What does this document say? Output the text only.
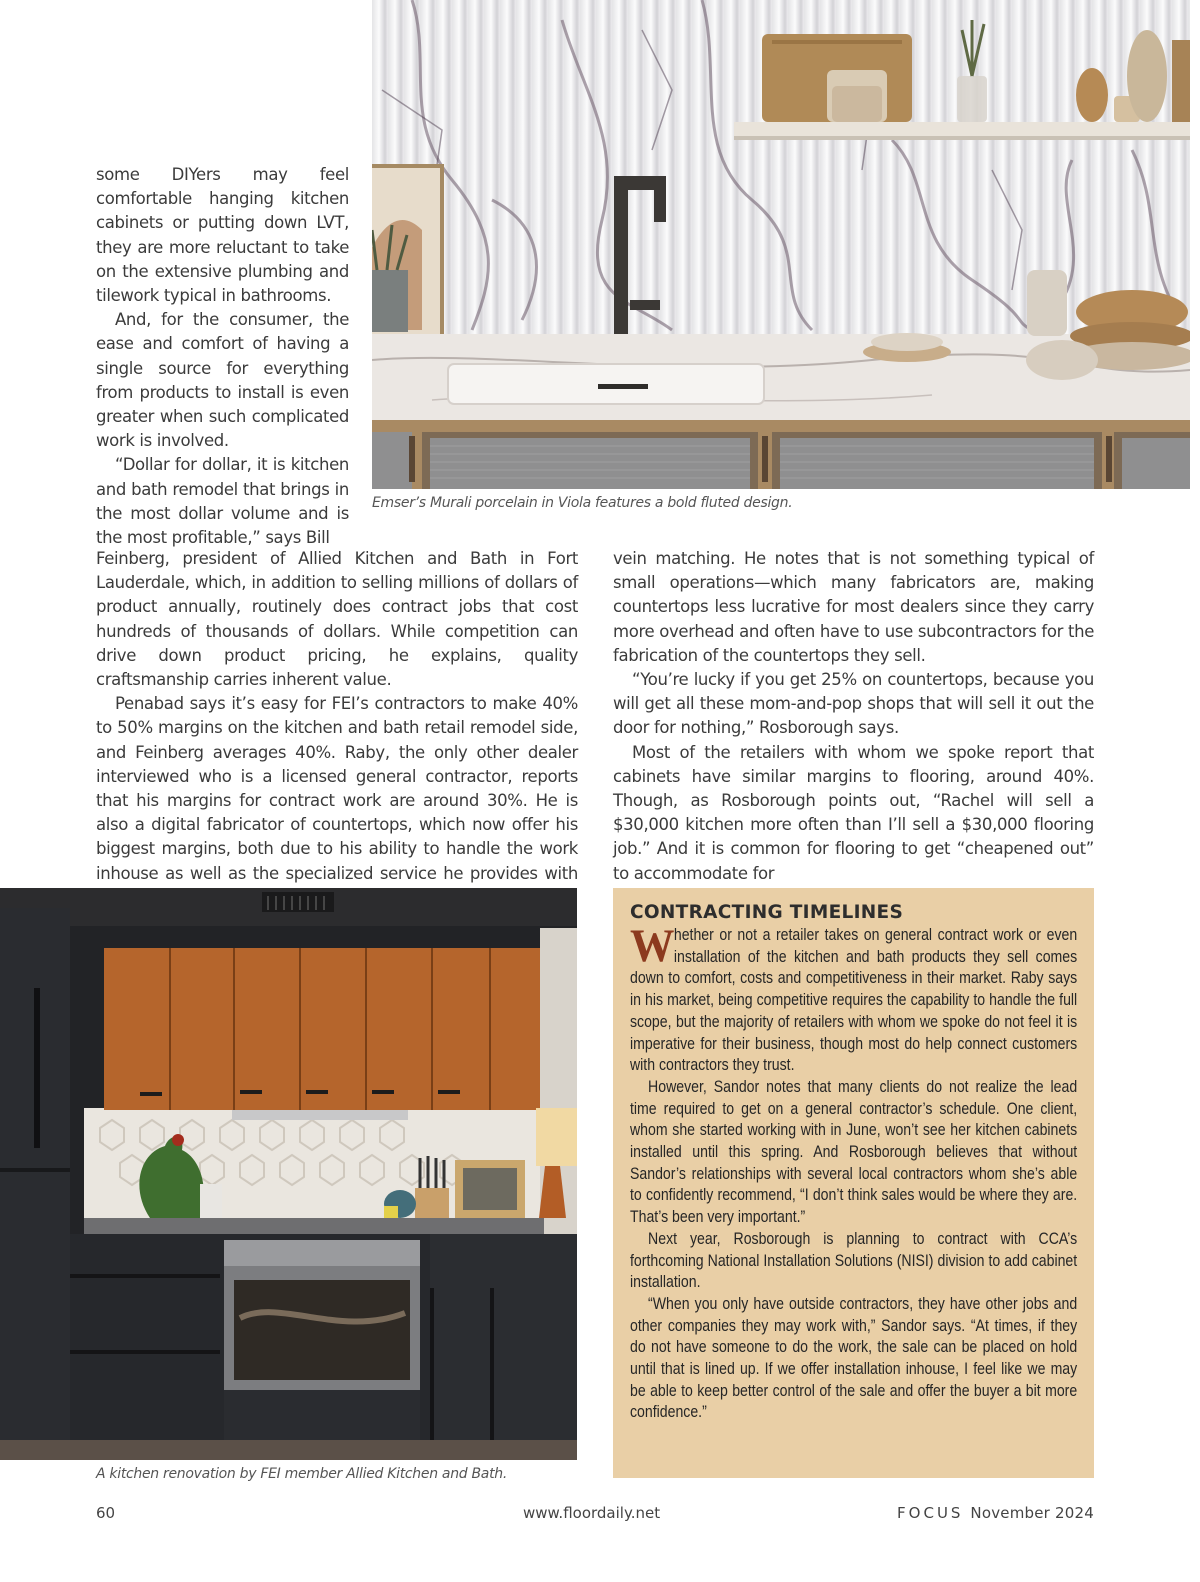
some DIYers may feel comfortable hanging kitchen cabinets or putting down LVT, they are more reluctant to take on the extensive plumbing and tilework typical in bathrooms.

And, for the consumer, the ease and comfort of having a single source for everything from products to install is even greater when such complicated work is involved.

“Dollar for dollar, it is kitchen and bath remodel that brings in the most dollar volume and is the most profitable,” says Bill

Emser’s Murali porcelain in Viola features a bold fluted design.

Feinberg, president of Allied Kitchen and Bath in Fort Lauderdale, which, in addition to selling millions of dollars of product annually, routinely does contract jobs that cost hundreds of thousands of dollars. While competition can drive down product pricing, he explains, quality craftsmanship carries inherent value.

Penabad says it’s easy for FEI’s contractors to make 40% to 50% margins on the kitchen and bath retail remodel side, and Feinberg averages 40%. Raby, the only other dealer interviewed who is a licensed general contractor, reports that his margins for contract work are around 30%. He is also a digital fabricator of countertops, which now offer his biggest margins, both due to his ability to handle the work inhouse as well as the specialized service he provides with

vein matching. He notes that is not something typical of small operations—which many fabricators are, making countertops less lucrative for most dealers since they carry more overhead and often have to use subcontractors for the fabrication of the countertops they sell.

“You’re lucky if you get 25% on countertops, because you will get all these mom-and-pop shops that will sell it out the door for nothing,” Rosborough says.

Most of the retailers with whom we spoke report that cabinets have similar margins to flooring, around 40%. Though, as Rosborough points out, “Rachel will sell a $30,000 kitchen more often than I’ll sell a $30,000 flooring job.” And it is common for flooring to get “cheapened out” to accommodate for

A kitchen renovation by FEI member Allied Kitchen and Bath.
CONTRACTING TIMELINES

Whether or not a retailer takes on general contract work or even installation of the kitchen and bath products they sell comes down to comfort, costs and competitiveness in their market. Raby says in his market, being competitive requires the capability to handle the full scope, but the majority of retailers with whom we spoke do not feel it is imperative for their business, though most do help connect customers with contractors they trust.

However, Sandor notes that many clients do not realize the lead time required to get on a general contractor’s schedule. One client, whom she started working with in June, won’t see her kitchen cabinets installed until this spring. And Rosborough believes that without Sandor’s relationships with several local contractors whom she’s able to confidently recommend, “I don’t think sales would be where they are. That’s been very important.”

Next year, Rosborough is planning to contract with CCA’s forthcoming National Installation Solutions (NISI) division to add cabinet installation.

“When you only have outside contractors, they have other jobs and other companies they may work with,” Sandor says. “At times, if they do not have someone to do the work, the sale can be placed on hold until that is lined up. If we offer installation inhouse, I feel like we may be able to keep better control of the sale and offer the buyer a bit more confidence.”

60	www.floordaily.net	FOCUS November 2024
